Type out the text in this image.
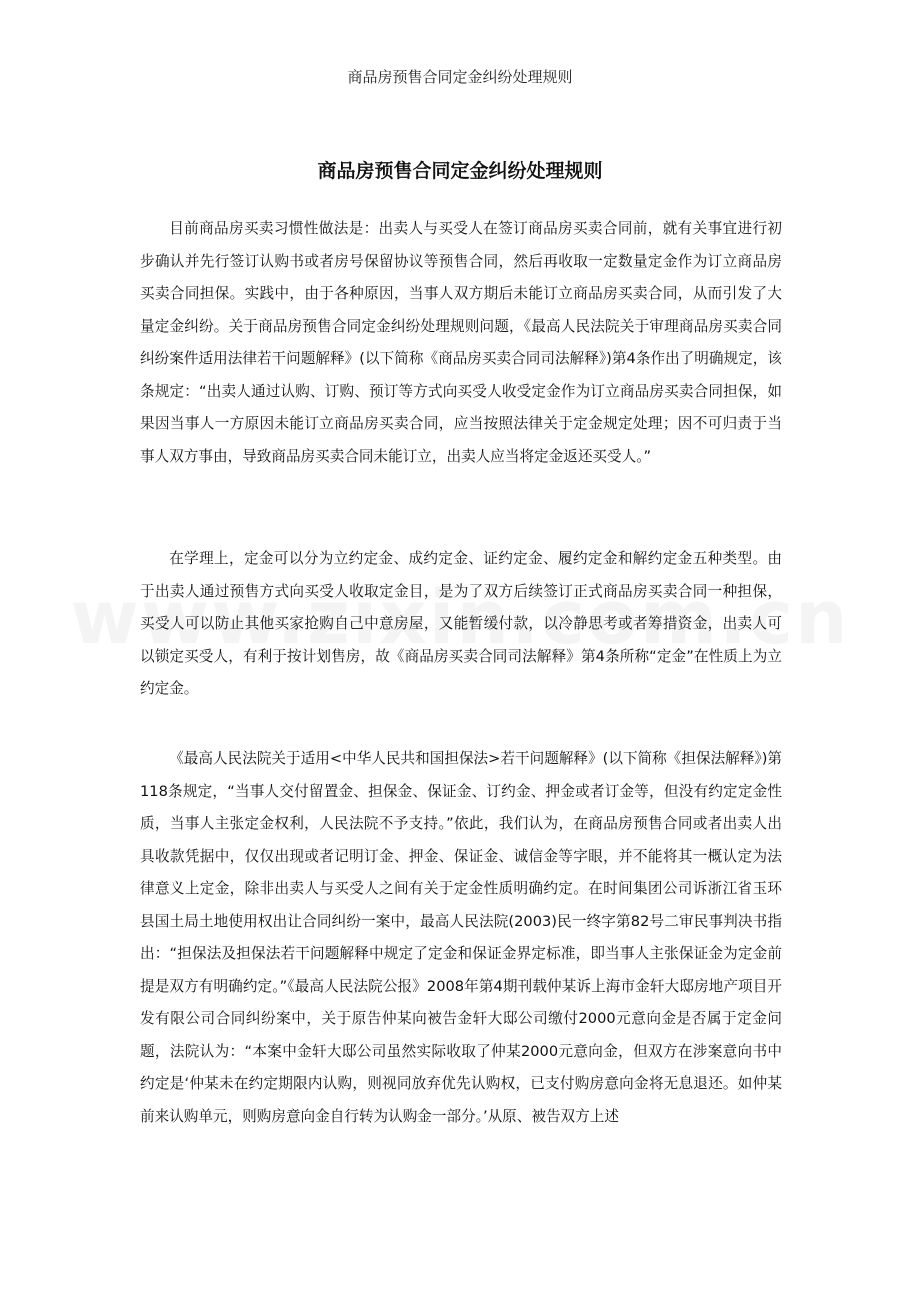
商品房预售合同定金纠纷处理规则
商品房预售合同定金纠纷处理规则

目前商品房买卖习惯性做法是：出卖人与买受人在签订商品房买卖合同前，就有关事宜进行初步确认并先行签订认购书或者房号保留协议等预售合同，然后再收取一定数量定金作为订立商品房买卖合同担保。实践中，由于各种原因，当事人双方期后未能订立商品房买卖合同，从而引发了大量定金纠纷。关于商品房预售合同定金纠纷处理规则问题，《最高人民法院关于审理商品房买卖合同纠纷案件适用法律若干问题解释》(以下简称《商品房买卖合同司法解释》)第4条作出了明确规定，该条规定：“出卖人通过认购、订购、预订等方式向买受人收受定金作为订立商品房买卖合同担保，如果因当事人一方原因未能订立商品房买卖合同，应当按照法律关于定金规定处理；因不可归责于当事人双方事由，导致商品房买卖合同未能订立，出卖人应当将定金返还买受人。”

在学理上，定金可以分为立约定金、成约定金、证约定金、履约定金和解约定金五种类型。由于出卖人通过预售方式向买受人收取定金目，是为了双方后续签订正式商品房买卖合同一种担保，买受人可以防止其他买家抢购自己中意房屋，又能暂缓付款，以冷静思考或者筹措资金，出卖人可以锁定买受人，有利于按计划售房，故《商品房买卖合同司法解释》第4条所称“定金”在性质上为立约定金。

《最高人民法院关于适用<中华人民共和国担保法>若干问题解释》(以下简称《担保法解释》)第118条规定，“当事人交付留置金、担保金、保证金、订约金、押金或者订金等，但没有约定定金性质，当事人主张定金权利，人民法院不予支持。”依此，我们认为，在商品房预售合同或者出卖人出具收款凭据中，仅仅出现或者记明订金、押金、保证金、诚信金等字眼，并不能将其一概认定为法律意义上定金，除非出卖人与买受人之间有关于定金性质明确约定。在时间集团公司诉浙江省玉环县国土局土地使用权出让合同纠纷一案中，最高人民法院(2003)民一终字第82号二审民事判决书指出：“担保法及担保法若干问题解释中规定了定金和保证金界定标准，即当事人主张保证金为定金前提是双方有明确约定。”《最高人民法院公报》2008年第4期刊载仲某诉上海市金轩大邸房地产项目开发有限公司合同纠纷案中，关于原告仲某向被告金轩大邸公司缴付2000元意向金是否属于定金问题，法院认为：“本案中金轩大邸公司虽然实际收取了仲某2000元意向金，但双方在涉案意向书中约定是‘仲某未在约定期限内认购，则视同放弃优先认购权，已支付购房意向金将无息退还。如仲某前来认购单元，则购房意向金自行转为认购金一部分。’从原、被告双方上述
